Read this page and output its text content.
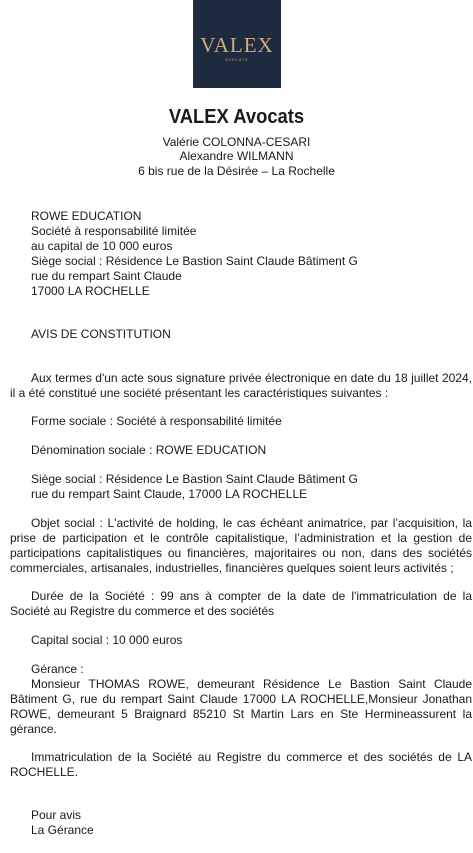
VALEX
AVOCATS
VALEX Avocats
Valérie COLONNA-CESARI
Alexandre WILMANN
6 bis rue de la Désirée – La Rochelle
ROWE EDUCATION
Société à responsabilité limitée
au capital de 10 000 euros
Siège social : Résidence Le Bastion Saint Claude Bâtiment G
rue du rempart Saint Claude
17000 LA ROCHELLE
AVIS DE CONSTITUTION
Aux termes d'un acte sous signature privée électronique en date du 18 juillet 2024, il a été constitué une société présentant les caractéristiques suivantes :
Forme sociale : Société à responsabilité limitée
Dénomination sociale : ROWE EDUCATION
Siège social : Résidence Le Bastion Saint Claude Bâtiment G
rue du rempart Saint Claude, 17000 LA ROCHELLE
Objet social : L'activité de holding, le cas échéant animatrice, par l’acquisition, la prise de participation et le contrôle capitalistique, l’administration et la gestion de participations capitalistiques ou financières, majoritaires ou non, dans des sociétés commerciales, artisanales, industrielles, financières quelques soient leurs activités ;
Durée de la Société : 99 ans à compter de la date de l'immatriculation de la Société au Registre du commerce et des sociétés
Capital social : 10 000 euros
Gérance :
Monsieur THOMAS ROWE, demeurant Résidence Le Bastion Saint Claude Bâtiment G, rue du rempart Saint Claude 17000 LA ROCHELLE,Monsieur Jonathan ROWE, demeurant 5 Braignard 85210 St Martin Lars en Ste Hermineassurent la gérance.
Immatriculation de la Société au Registre du commerce et des sociétés de LA ROCHELLE.
Pour avis
La Gérance
